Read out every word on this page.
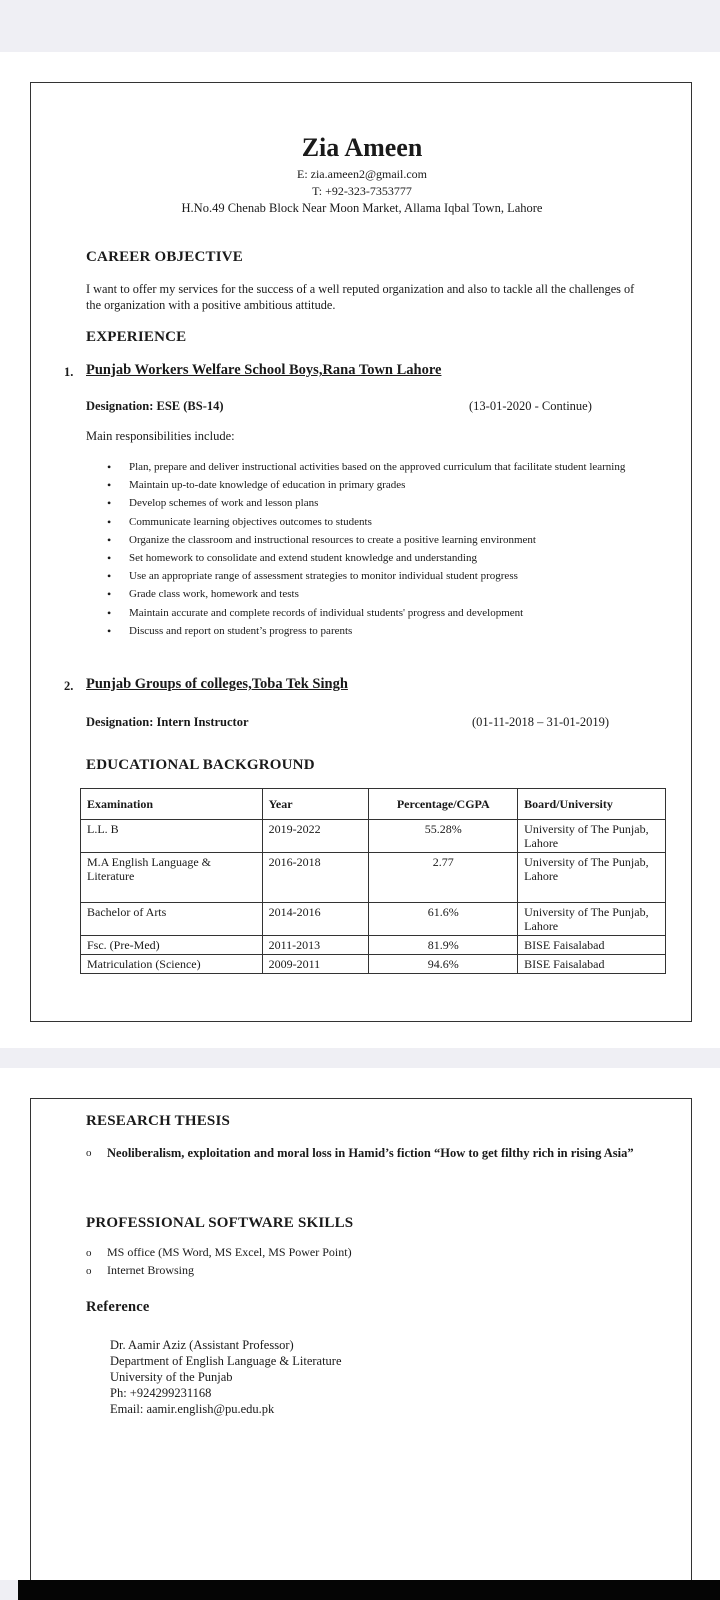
Zia Ameen
E: zia.ameen2@gmail.com
T: +92-323-7353777
H.No.49 Chenab Block Near Moon Market, Allama Iqbal Town, Lahore
CAREER OBJECTIVE
I want to offer my services for the success of a well reputed organization and also to tackle all the challenges of the organization with a positive ambitious attitude.
EXPERIENCE
1. Punjab Workers Welfare School Boys,Rana Town Lahore
Designation: ESE (BS-14)	(13-01-2020 - Continue)
Main responsibilities include:
• Plan, prepare and deliver instructional activities based on the approved curriculum that facilitate student learning
• Maintain up-to-date knowledge of education in primary grades
• Develop schemes of work and lesson plans
• Communicate learning objectives outcomes to students
• Organize the classroom and instructional resources to create a positive learning environment
• Set homework to consolidate and extend student knowledge and understanding
• Use an appropriate range of assessment strategies to monitor individual student progress
• Grade class work, homework and tests
• Maintain accurate and complete records of individual students' progress and development
• Discuss and report on student’s progress to parents
2. Punjab Groups of colleges,Toba Tek Singh
Designation: Intern Instructor	(01-11-2018 – 31-01-2019)
EDUCATIONAL BACKGROUND
Examination	Year	Percentage/CGPA	Board/University
L.L. B	2019-2022	55.28%	University of The Punjab, Lahore
M.A English Language & Literature	2016-2018	2.77	University of The Punjab, Lahore
Bachelor of Arts	2014-2016	61.6%	University of The Punjab, Lahore
Fsc. (Pre-Med)	2011-2013	81.9%	BISE Faisalabad
Matriculation (Science)	2009-2011	94.6%	BISE Faisalabad
RESEARCH THESIS
o Neoliberalism, exploitation and moral loss in Hamid’s fiction “How to get filthy rich in rising Asia”
PROFESSIONAL SOFTWARE SKILLS
o MS office (MS Word, MS Excel, MS Power Point)
o Internet Browsing
Reference
Dr. Aamir Aziz (Assistant Professor)
Department of English Language & Literature
University of the Punjab
Ph: +924299231168
Email: aamir.english@pu.edu.pk
